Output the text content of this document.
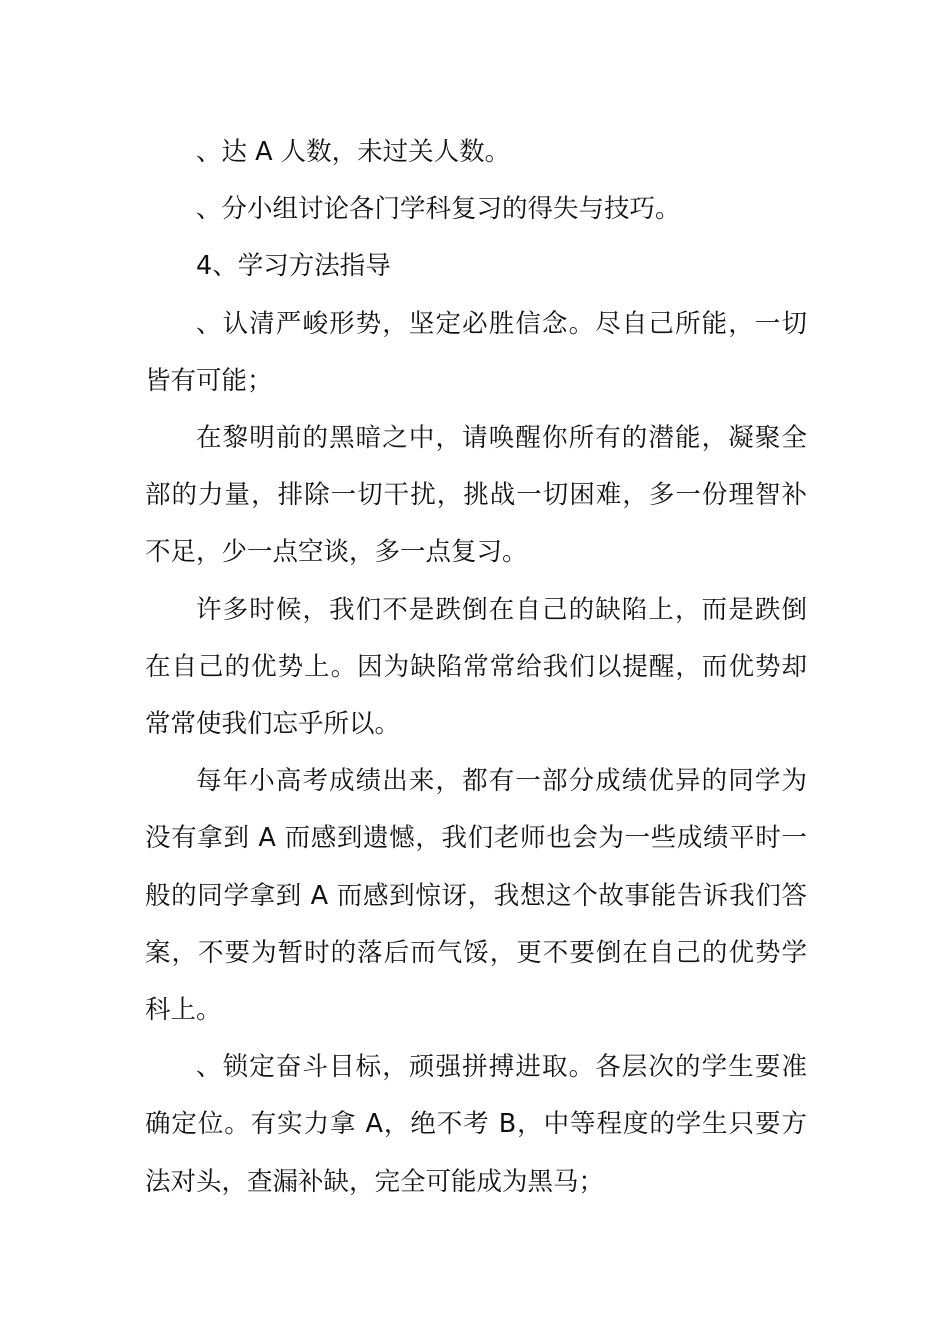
、达 A 人数，未过关人数。

、分小组讨论各门学科复习的得失与技巧。

4、学习方法指导

、认清严峻形势，坚定必胜信念。尽自己所能，一切皆有可能；

在黎明前的黑暗之中，请唤醒你所有的潜能，凝聚全部的力量，排除一切干扰，挑战一切困难，多一份理智补不足，少一点空谈，多一点复习。

许多时候，我们不是跌倒在自己的缺陷上，而是跌倒在自己的优势上。因为缺陷常常给我们以提醒，而优势却常常使我们忘乎所以。

每年小高考成绩出来，都有一部分成绩优异的同学为没有拿到 A 而感到遗憾，我们老师也会为一些成绩平时一般的同学拿到 A 而感到惊讶，我想这个故事能告诉我们答案，不要为暂时的落后而气馁，更不要倒在自己的优势学科上。

、锁定奋斗目标，顽强拼搏进取。各层次的学生要准确定位。有实力拿 A，绝不考 B，中等程度的学生只要方法对头，查漏补缺，完全可能成为黑马；
